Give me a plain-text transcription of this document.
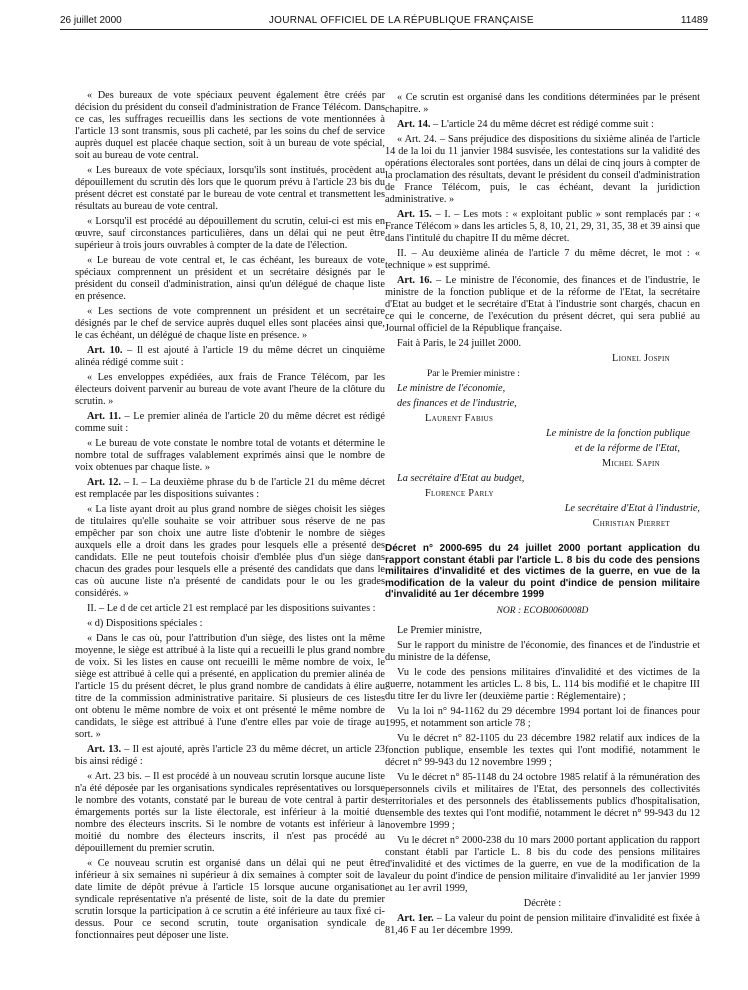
26 juillet 2000	JOURNAL OFFICIEL DE LA RÉPUBLIQUE FRANÇAISE	11489

« Des bureaux de vote spéciaux peuvent également être créés par décision du président du conseil d'administration de France Télécom. Dans ce cas, les suffrages recueillis dans les sections de vote mentionnées à l'article 13 sont transmis, sous pli cacheté, par les soins du chef de service auprès duquel est placée chaque section, soit à un bureau de vote spécial, soit au bureau de vote central.

« Les bureaux de vote spéciaux, lorsqu'ils sont institués, procèdent au dépouillement du scrutin dès lors que le quorum prévu à l'article 23 bis du présent décret est constaté par le bureau de vote central et transmettent les résultats au bureau de vote central.

« Lorsqu'il est procédé au dépouillement du scrutin, celui-ci est mis en œuvre, sauf circonstances particulières, dans un délai qui ne peut être supérieur à trois jours ouvrables à compter de la date de l'élection.

« Le bureau de vote central et, le cas échéant, les bureaux de vote spéciaux comprennent un président et un secrétaire désignés par le président du conseil d'administration, ainsi qu'un délégué de chaque liste en présence.

« Les sections de vote comprennent un président et un secrétaire désignés par le chef de service auprès duquel elles sont placées ainsi que, le cas échéant, un délégué de chaque liste en présence. »

Art. 10. – Il est ajouté à l'article 19 du même décret un cinquième alinéa rédigé comme suit :

« Les enveloppes expédiées, aux frais de France Télécom, par les électeurs doivent parvenir au bureau de vote avant l'heure de la clôture du scrutin. »

Art. 11. – Le premier alinéa de l'article 20 du même décret est rédigé comme suit :

« Le bureau de vote constate le nombre total de votants et détermine le nombre total de suffrages valablement exprimés ainsi que le nombre de voix obtenues par chaque liste. »

Art. 12. – I. – La deuxième phrase du b de l'article 21 du même décret est remplacée par les dispositions suivantes :

« La liste ayant droit au plus grand nombre de sièges choisit les sièges de titulaires qu'elle souhaite se voir attribuer sous réserve de ne pas empêcher par son choix une autre liste d'obtenir le nombre de sièges auxquels elle a droit dans les grades pour lesquels elle a présenté des candidats. Elle ne peut toutefois choisir d'emblée plus d'un siège dans chacun des grades pour lesquels elle a présenté des candidats que dans le cas où aucune liste n'a présenté de candidats pour le ou les grades considérés. »

II. – Le d de cet article 21 est remplacé par les dispositions suivantes :

« d) Dispositions spéciales :

« Dans le cas où, pour l'attribution d'un siège, des listes ont la même moyenne, le siège est attribué à la liste qui a recueilli le plus grand nombre de voix. Si les listes en cause ont recueilli le même nombre de voix, le siège est attribué à celle qui a présenté, en application du premier alinéa de l'article 15 du présent décret, le plus grand nombre de candidats à élire au titre de la commission administrative paritaire. Si plusieurs de ces listes ont obtenu le même nombre de voix et ont présenté le même nombre de candidats, le siège est attribué à l'une d'entre elles par voie de tirage au sort. »

Art. 13. – Il est ajouté, après l'article 23 du même décret, un article 23 bis ainsi rédigé :

« Art. 23 bis. – Il est procédé à un nouveau scrutin lorsque aucune liste n'a été déposée par les organisations syndicales représentatives ou lorsque le nombre des votants, constaté par le bureau de vote central à partir des émargements portés sur la liste électorale, est inférieur à la moitié du nombre des électeurs inscrits. Si le nombre de votants est inférieur à la moitié du nombre des électeurs inscrits, il n'est pas procédé au dépouillement du premier scrutin.

« Ce nouveau scrutin est organisé dans un délai qui ne peut être inférieur à six semaines ni supérieur à dix semaines à compter soit de la date limite de dépôt prévue à l'article 15 lorsque aucune organisation syndicale représentative n'a présenté de liste, soit de la date du premier scrutin lorsque la participation à ce scrutin a été inférieure au taux fixé ci-dessus. Pour ce second scrutin, toute organisation syndicale de fonctionnaires peut déposer une liste.

« Ce scrutin est organisé dans les conditions déterminées par le présent chapitre. »

Art. 14. – L'article 24 du même décret est rédigé comme suit :

« Art. 24. – Sans préjudice des dispositions du sixième alinéa de l'article 14 de la loi du 11 janvier 1984 susvisée, les contestations sur la validité des opérations électorales sont portées, dans un délai de cinq jours à compter de la proclamation des résultats, devant le président du conseil d'administration de France Télécom, puis, le cas échéant, devant la juridiction administrative. »

Art. 15. – I. – Les mots : « exploitant public » sont remplacés par : « France Télécom » dans les articles 5, 8, 10, 21, 29, 31, 35, 38 et 39 ainsi que dans l'intitulé du chapitre II du même décret.

II. – Au deuxième alinéa de l'article 7 du même décret, le mot : « technique » est supprimé.

Art. 16. – Le ministre de l'économie, des finances et de l'industrie, le ministre de la fonction publique et de la réforme de l'Etat, la secrétaire d'Etat au budget et le secrétaire d'Etat à l'industrie sont chargés, chacun en ce qui le concerne, de l'exécution du présent décret, qui sera publié au Journal officiel de la République française.

Fait à Paris, le 24 juillet 2000.

Lionel Jospin

Par le Premier ministre :

Le ministre de l'économie,

des finances et de l'industrie,

Laurent Fabius

Le ministre de la fonction publique

et de la réforme de l'Etat,

Michel Sapin

La secrétaire d'Etat au budget,

Florence Parly

Le secrétaire d'Etat à l'industrie,

Christian Pierret

Décret n° 2000-695 du 24 juillet 2000 portant application du rapport constant établi par l'article L. 8 bis du code des pensions militaires d'invalidité et des victimes de la guerre, en vue de la modification de la valeur du point d'indice de pension militaire d'invalidité au 1er décembre 1999
NOR : ECOB0060008D

Le Premier ministre,

Sur le rapport du ministre de l'économie, des finances et de l'industrie et du ministre de la défense,

Vu le code des pensions militaires d'invalidité et des victimes de la guerre, notamment les articles L. 8 bis, L. 114 bis modifié et le chapitre III du titre Ier du livre Ier (deuxième partie : Réglementaire) ;

Vu la loi n° 94-1162 du 29 décembre 1994 portant loi de finances pour 1995, et notamment son article 78 ;

Vu le décret n° 82-1105 du 23 décembre 1982 relatif aux indices de la fonction publique, ensemble les textes qui l'ont modifié, notamment le décret n° 99-943 du 12 novembre 1999 ;

Vu le décret n° 85-1148 du 24 octobre 1985 relatif à la rémunération des personnels civils et militaires de l'Etat, des personnels des collectivités territoriales et des personnels des établissements publics d'hospitalisation, ensemble des textes qui l'ont modifié, notamment le décret n° 99-943 du 12 novembre 1999 ;

Vu le décret n° 2000-238 du 10 mars 2000 portant application du rapport constant établi par l'article L. 8 bis du code des pensions militaires d'invalidité et des victimes de la guerre, en vue de la modification de la valeur du point d'indice de pension militaire d'invalidité au 1er janvier 1999 et au 1er avril 1999,

Décrète :

Art. 1er. – La valeur du point de pension militaire d'invalidité est fixée à 81,46 F au 1er décembre 1999.
